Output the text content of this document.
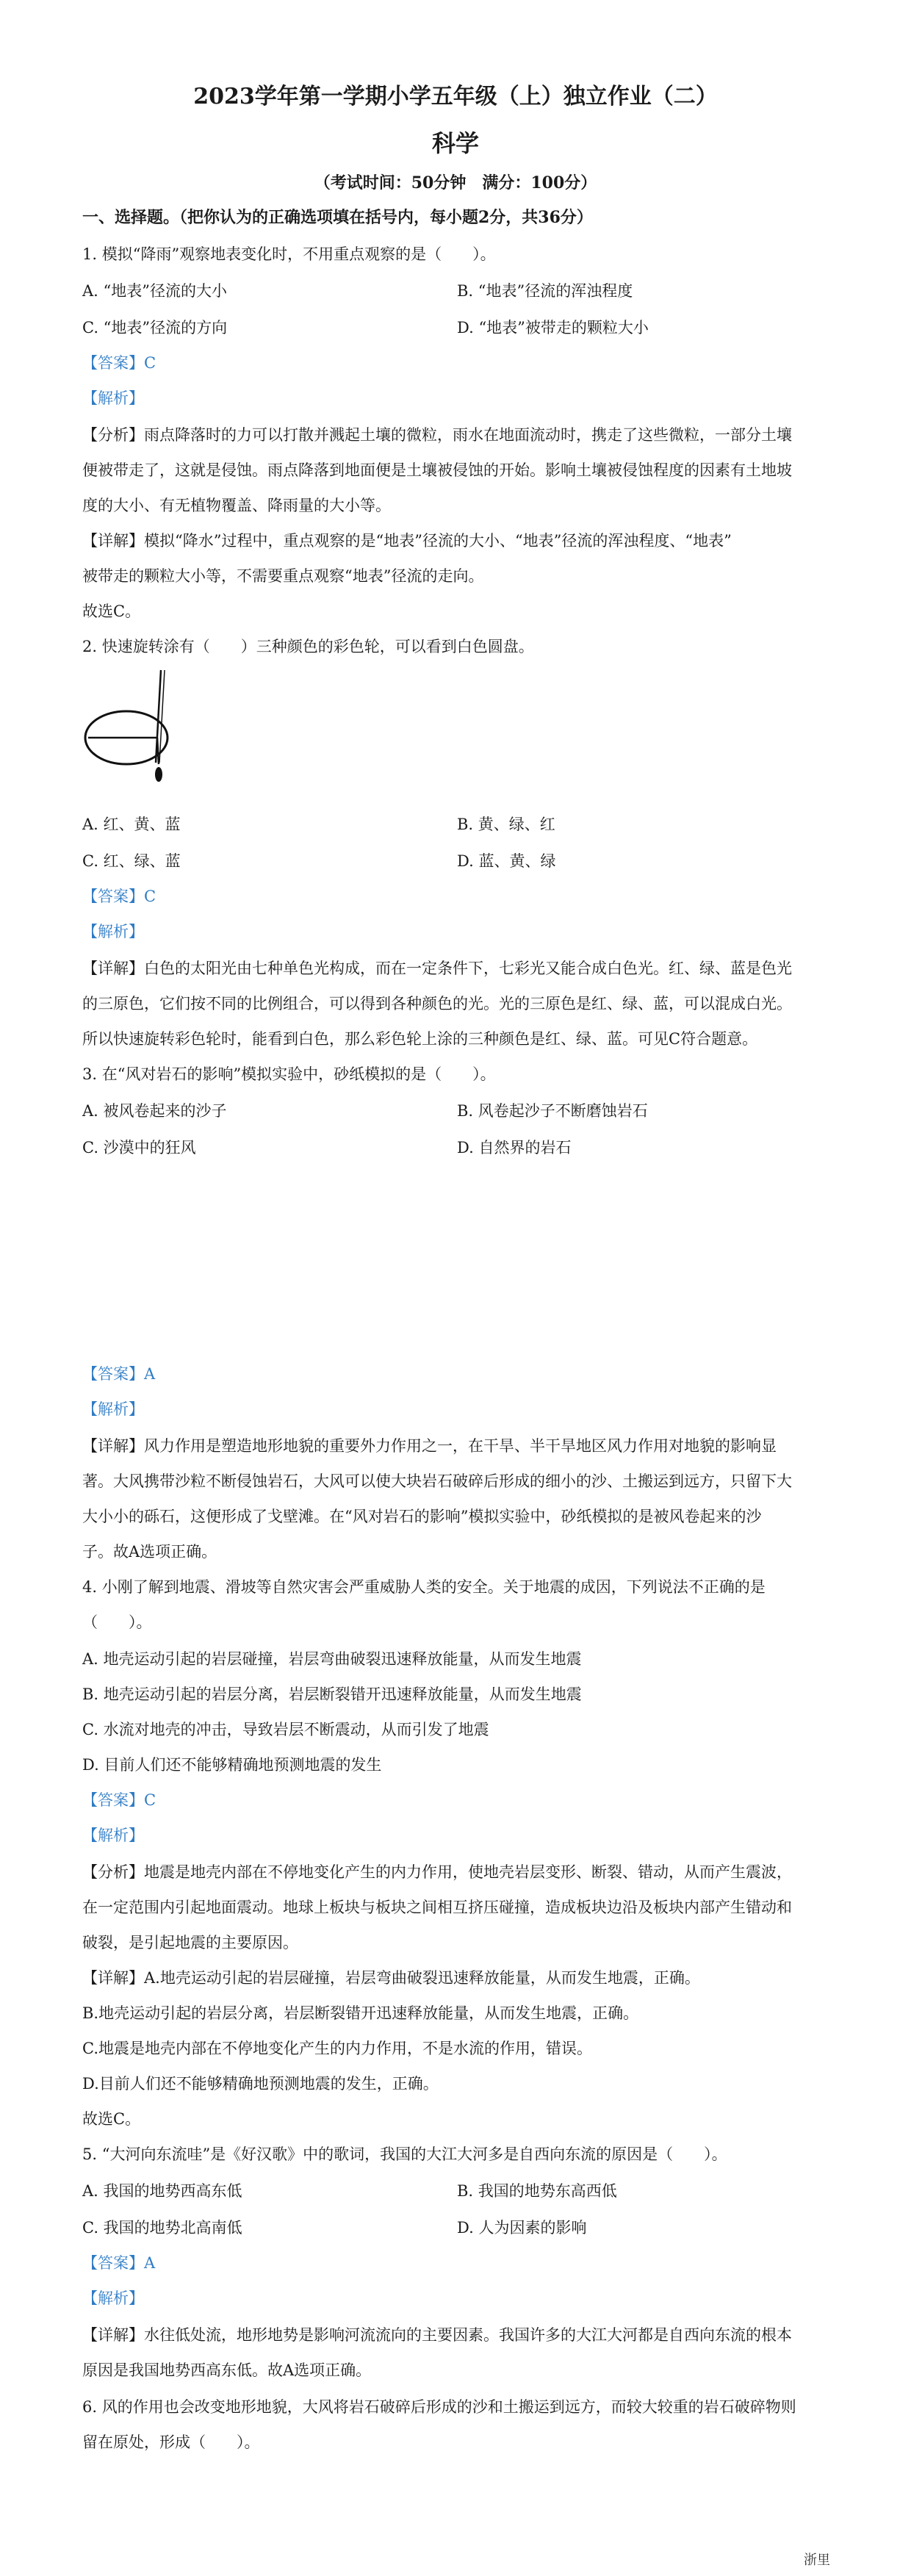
2023学年第一学期小学五年级（上）独立作业（二）
科学
（考试时间：50分钟　满分：100分）
一、选择题。（把你认为的正确选项填在括号内，每小题2分，共36分）
1. 模拟“降雨”观察地表变化时，不用重点观察的是（　　）。
A. “地表”径流的大小	B. “地表”径流的浑浊程度
C. “地表”径流的方向	D. “地表”被带走的颗粒大小
【答案】C
【解析】
【分析】雨点降落时的力可以打散并溅起土壤的微粒，雨水在地面流动时，携走了这些微粒，一部分土壤
便被带走了，这就是侵蚀。雨点降落到地面便是土壤被侵蚀的开始。影响土壤被侵蚀程度的因素有土地坡
度的大小、有无植物覆盖、降雨量的大小等。
【详解】模拟“降水”过程中，重点观察的是“地表”径流的大小、“地表”径流的浑浊程度、“地表”
被带走的颗粒大小等，不需要重点观察“地表”径流的走向。
故选C。
2. 快速旋转涂有（　　）三种颜色的彩色轮，可以看到白色圆盘。
A. 红、黄、蓝	B. 黄、绿、红
C. 红、绿、蓝	D. 蓝、黄、绿
【答案】C
【解析】
【详解】白色的太阳光由七种单色光构成，而在一定条件下，七彩光又能合成白色光。红、绿、蓝是色光
的三原色，它们按不同的比例组合，可以得到各种颜色的光。光的三原色是红、绿、蓝，可以混成白光。
所以快速旋转彩色轮时，能看到白色，那么彩色轮上涂的三种颜色是红、绿、蓝。可见C符合题意。
3. 在“风对岩石的影响”模拟实验中，砂纸模拟的是（　　）。
A. 被风卷起来的沙子	B. 风卷起沙子不断磨蚀岩石
C. 沙漠中的狂风	D. 自然界的岩石
【答案】A
【解析】
【详解】风力作用是塑造地形地貌的重要外力作用之一，在干旱、半干旱地区风力作用对地貌的影响显
著。大风携带沙粒不断侵蚀岩石，大风可以使大块岩石破碎后形成的细小的沙、土搬运到远方，只留下大
大小小的砾石，这便形成了戈壁滩。在“风对岩石的影响”模拟实验中，砂纸模拟的是被风卷起来的沙
子。故A选项正确。
4. 小刚了解到地震、滑坡等自然灾害会严重威胁人类的安全。关于地震的成因，下列说法不正确的是
（　　）。
A. 地壳运动引起的岩层碰撞，岩层弯曲破裂迅速释放能量，从而发生地震
B. 地壳运动引起的岩层分离，岩层断裂错开迅速释放能量，从而发生地震
C. 水流对地壳的冲击，导致岩层不断震动，从而引发了地震
D. 目前人们还不能够精确地预测地震的发生
【答案】C
【解析】
【分析】地震是地壳内部在不停地变化产生的内力作用，使地壳岩层变形、断裂、错动，从而产生震波，
在一定范围内引起地面震动。地球上板块与板块之间相互挤压碰撞，造成板块边沿及板块内部产生错动和
破裂，是引起地震的主要原因。
【详解】A.地壳运动引起的岩层碰撞，岩层弯曲破裂迅速释放能量，从而发生地震，正确。
B.地壳运动引起的岩层分离，岩层断裂错开迅速释放能量，从而发生地震，正确。
C.地震是地壳内部在不停地变化产生的内力作用，不是水流的作用，错误。
D.目前人们还不能够精确地预测地震的发生，正确。
故选C。
5. “大河向东流哇”是《好汉歌》中的歌词，我国的大江大河多是自西向东流的原因是（　　）。
A. 我国的地势西高东低	B. 我国的地势东高西低
C. 我国的地势北高南低	D. 人为因素的影响
【答案】A
【解析】
【详解】水往低处流，地形地势是影响河流流向的主要因素。我国许多的大江大河都是自西向东流的根本
原因是我国地势西高东低。故A选项正确。
6. 风的作用也会改变地形地貌，大风将岩石破碎后形成的沙和土搬运到远方，而较大较重的岩石破碎物则
留在原处，形成（　　）。
浙里
